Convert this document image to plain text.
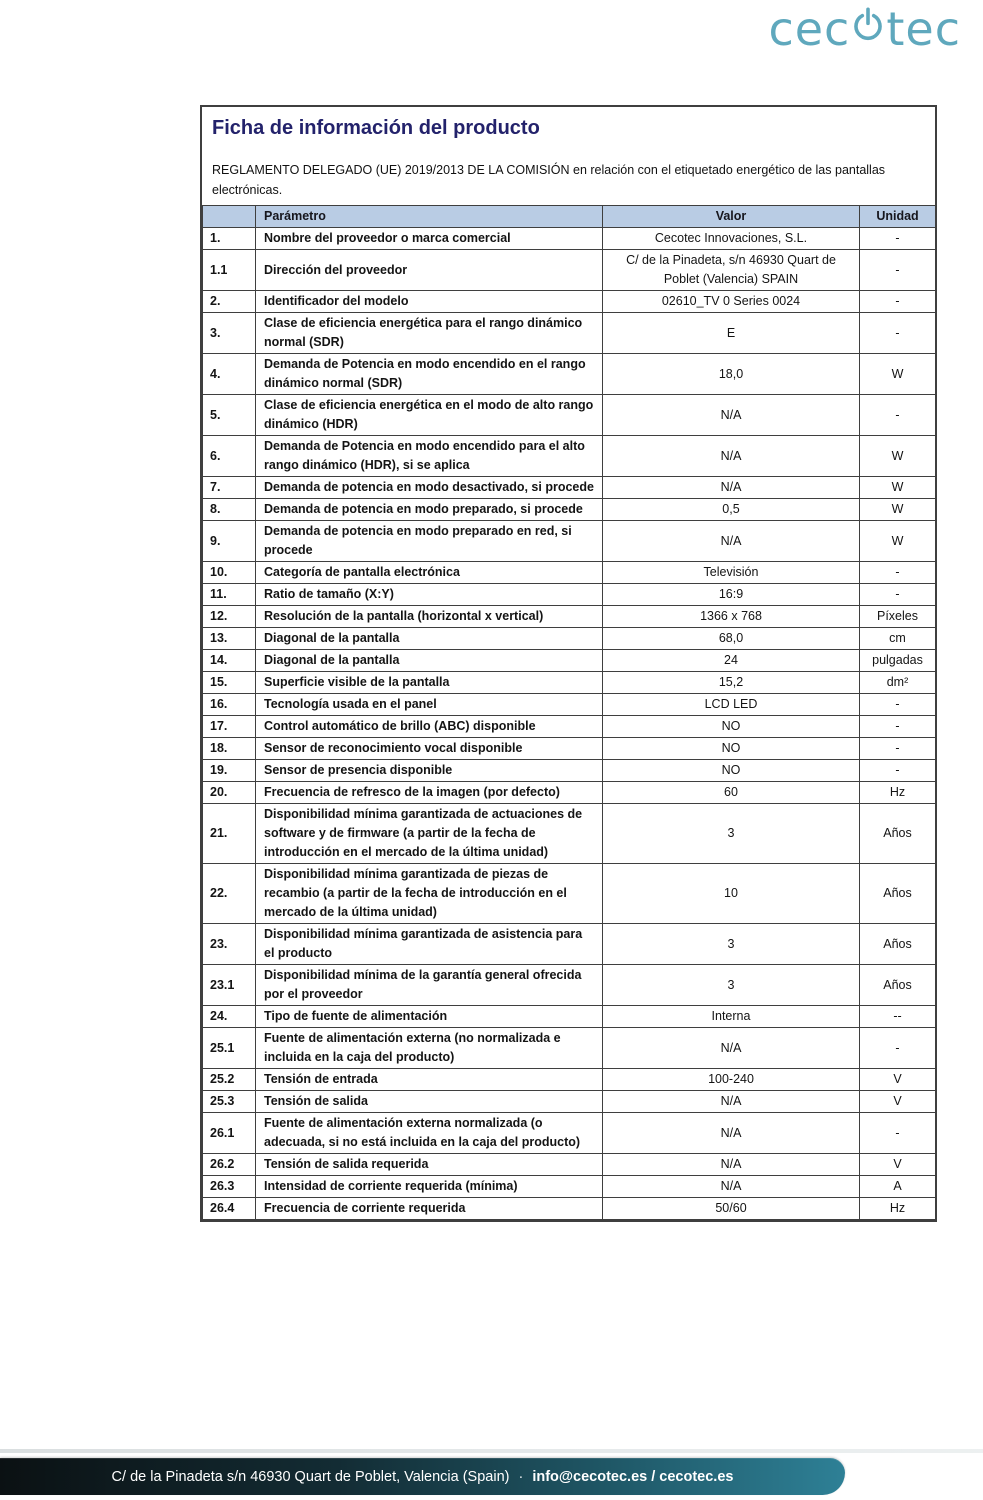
cec tec
Ficha de información del producto

REGLAMENTO DELEGADO (UE) 2019/2013 DE LA COMISIÓN en relación con el etiquetado energético de las pantallas electrónicas.

	Parámetro	Valor	Unidad
1.	Nombre del proveedor o marca comercial	Cecotec Innovaciones, S.L.	-
1.1	Dirección del proveedor	C/ de la Pinadeta, s/n 46930 Quart de Poblet (Valencia) SPAIN	-
2.	Identificador del modelo	02610_TV 0 Series 0024	-
3.	Clase de eficiencia energética para el rango dinámico normal (SDR)	E	-
4.	Demanda de Potencia en modo encendido en el rango dinámico normal (SDR)	18,0	W
5.	Clase de eficiencia energética en el modo de alto rango dinámico (HDR)	N/A	-
6.	Demanda de Potencia en modo encendido para el alto rango dinámico (HDR), si se aplica	N/A	W
7.	Demanda de potencia en modo desactivado, si procede	N/A	W
8.	Demanda de potencia en modo preparado, si procede	0,5	W
9.	Demanda de potencia en modo preparado en red, si procede	N/A	W
10.	Categoría de pantalla electrónica	Televisión	-
11.	Ratio de tamaño (X:Y)	16:9	-
12.	Resolución de la pantalla (horizontal x vertical)	1366 x 768	Píxeles
13.	Diagonal de la pantalla	68,0	cm
14.	Diagonal de la pantalla	24	pulgadas
15.	Superficie visible de la pantalla	15,2	dm²
16.	Tecnología usada en el panel	LCD LED	-
17.	Control automático de brillo (ABC) disponible	NO	-
18.	Sensor de reconocimiento vocal disponible	NO	-
19.	Sensor de presencia disponible	NO	-
20.	Frecuencia de refresco de la imagen (por defecto)	60	Hz
21.	Disponibilidad mínima garantizada de actuaciones de software y de firmware (a partir de la fecha de introducción en el mercado de la última unidad)	3	Años
22.	Disponibilidad mínima garantizada de piezas de recambio (a partir de la fecha de introducción en el mercado de la última unidad)	10	Años
23.	Disponibilidad mínima garantizada de asistencia para el producto	3	Años
23.1	Disponibilidad mínima de la garantía general ofrecida por el proveedor	3	Años
24.	Tipo de fuente de alimentación	Interna	--
25.1	Fuente de alimentación externa (no normalizada e incluida en la caja del producto)	N/A	-
25.2	Tensión de entrada	100-240	V
25.3	Tensión de salida	N/A	V
26.1	Fuente de alimentación externa normalizada (o adecuada, si no está incluida en la caja del producto)	N/A	-
26.2	Tensión de salida requerida	N/A	V
26.3	Intensidad de corriente requerida (mínima)	N/A	A
26.4	Frecuencia de corriente requerida	50/60	Hz
C/ de la Pinadeta s/n 46930 Quart de Poblet, Valencia (Spain) · info@cecotec.es / cecotec.es
